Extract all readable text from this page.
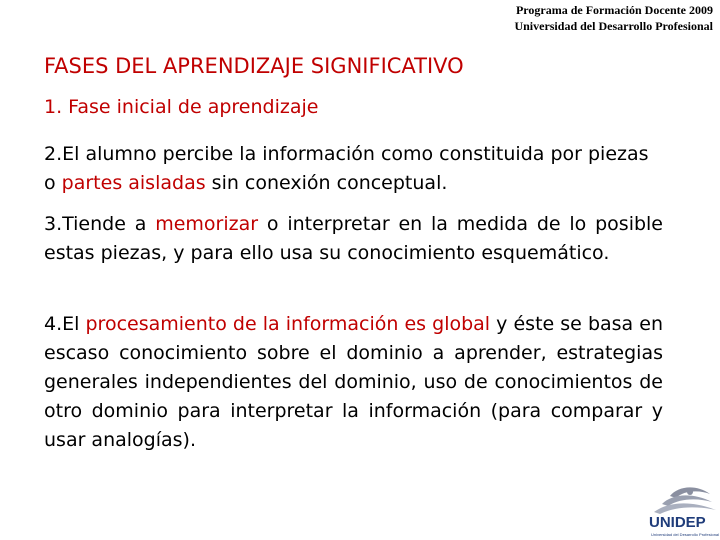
Programa de Formación Docente 2009
Universidad del Desarrollo Profesional
FASES DEL APRENDIZAJE SIGNIFICATIVO
1. Fase inicial de aprendizaje
2.El alumno percibe la información como constituida por piezas o partes aisladas sin conexión conceptual.
3.Tiende a memorizar o interpretar en la medida de lo posible estas piezas, y para ello usa su conocimiento esquemático.
4.El procesamiento de la información es global y éste se basa en escaso conocimiento sobre el dominio a aprender, estrategias generales independientes del dominio, uso de conocimientos de otro dominio para interpretar la información (para comparar y usar analogías).
UNIDEP
Universidad del Desarrollo Profesional
